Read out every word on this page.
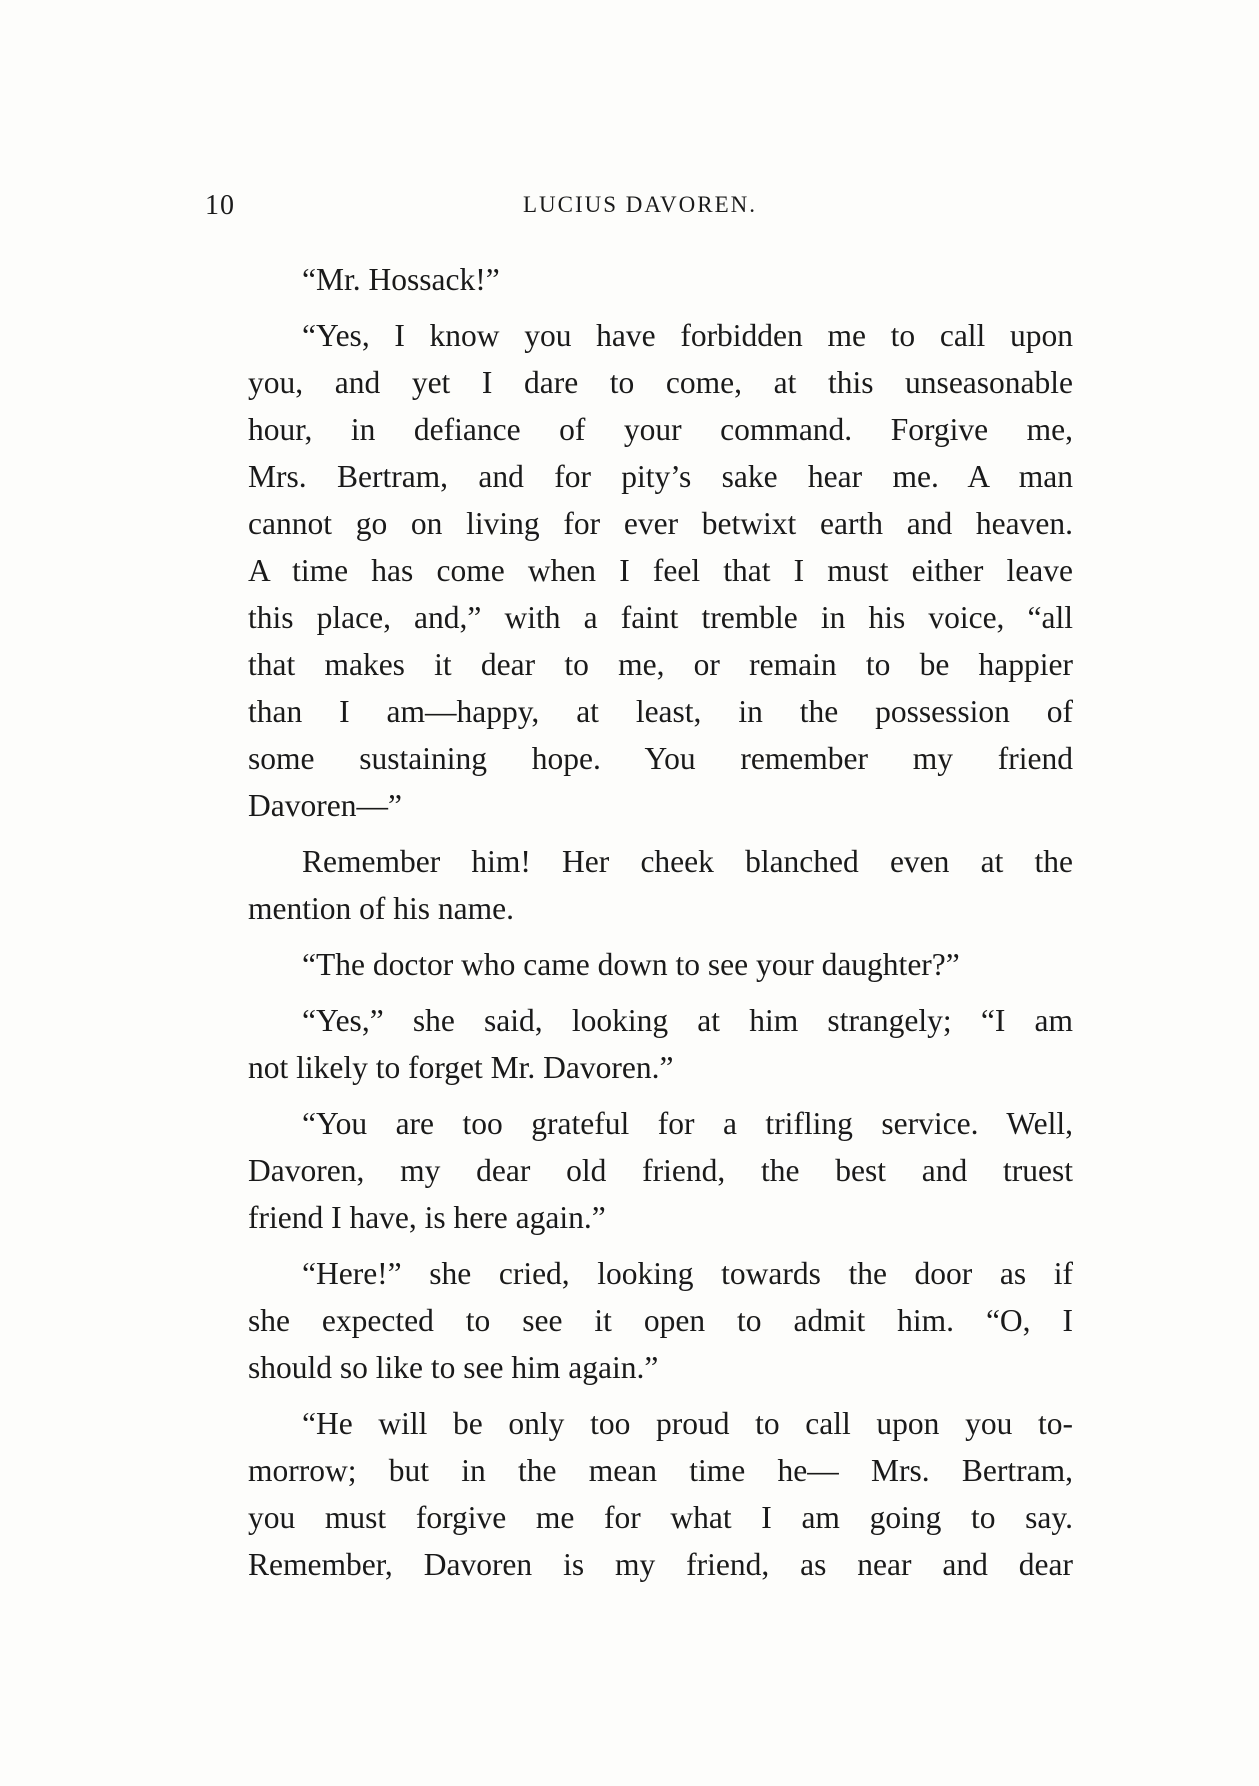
10	LUCIUS DAVOREN.
“Mr. Hossack!”
“Yes, I know you have forbidden me to call upon
you, and yet I dare to come, at this unseasonable
hour, in defiance of your command. Forgive me,
Mrs. Bertram, and for pity’s sake hear me. A man
cannot go on living for ever betwixt earth and heaven.
A time has come when I feel that I must either leave
this place, and,” with a faint tremble in his voice, “all
that makes it dear to me, or remain to be happier
than I am—happy, at least, in the possession of
some sustaining hope. You remember my friend
Davoren—”
Remember him! Her cheek blanched even at the
mention of his name.
“The doctor who came down to see your daughter?”
“Yes,” she said, looking at him strangely; “I am
not likely to forget Mr. Davoren.”
“You are too grateful for a trifling service. Well,
Davoren, my dear old friend, the best and truest
friend I have, is here again.”
“Here!” she cried, looking towards the door as if
she expected to see it open to admit him. “O, I
should so like to see him again.”
“He will be only too proud to call upon you to-
morrow; but in the mean time he— Mrs. Bertram,
you must forgive me for what I am going to say.
Remember, Davoren is my friend, as near and dear
